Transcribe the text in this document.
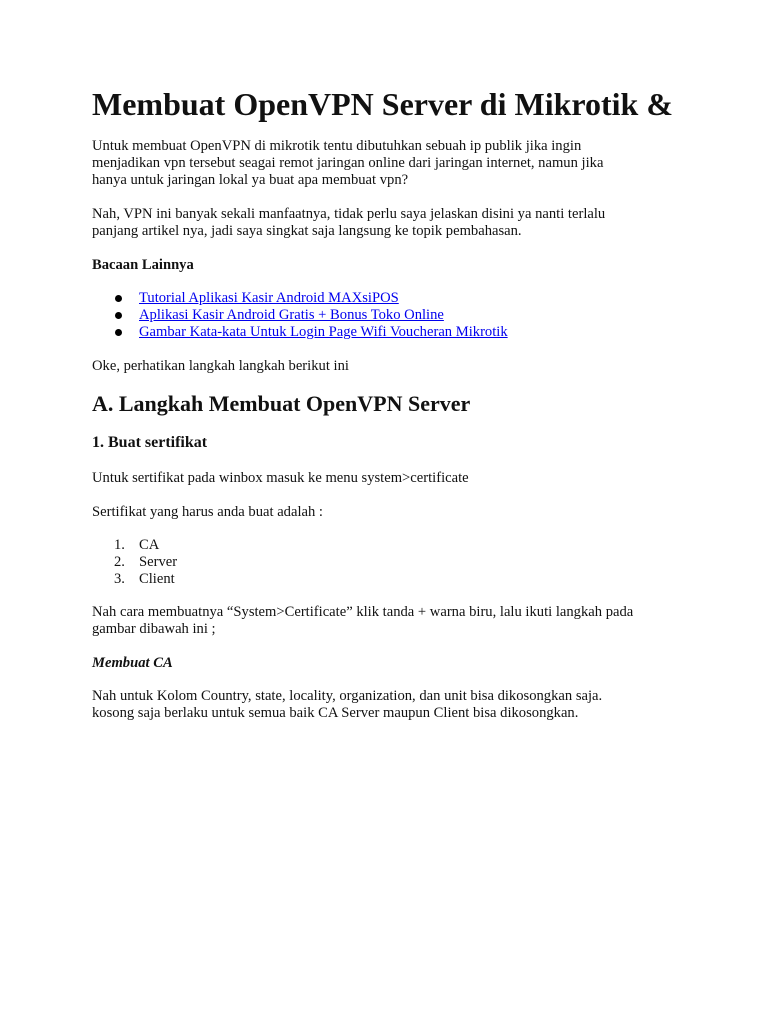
Membuat OpenVPN Server di Mikrotik &
Untuk membuat OpenVPN di mikrotik tentu dibutuhkan sebuah ip publik jika ingin
menjadikan vpn tersebut seagai remot jaringan online dari jaringan internet, namun jika
hanya untuk jaringan lokal ya buat apa membuat vpn?
Nah, VPN ini banyak sekali manfaatnya, tidak perlu saya jelaskan disini ya nanti terlalu
panjang artikel nya, jadi saya singkat saja langsung ke topik pembahasan.
Bacaan Lainnya
Tutorial Aplikasi Kasir Android MAXsiPOS
Aplikasi Kasir Android Gratis + Bonus Toko Online
Gambar Kata-kata Untuk Login Page Wifi Voucheran Mikrotik
Oke, perhatikan langkah langkah berikut ini
A. Langkah Membuat OpenVPN Server
1. Buat sertifikat
Untuk sertifikat pada winbox masuk ke menu system>certificate
Sertifikat yang harus anda buat adalah :
1. CA
2. Server
3. Client
Nah cara membuatnya “System>Certificate” klik tanda + warna biru, lalu ikuti langkah pada
gambar dibawah ini ;
Membuat CA
Nah untuk Kolom Country, state, locality, organization, dan unit bisa dikosongkan saja.
kosong saja berlaku untuk semua baik CA Server maupun Client bisa dikosongkan.
